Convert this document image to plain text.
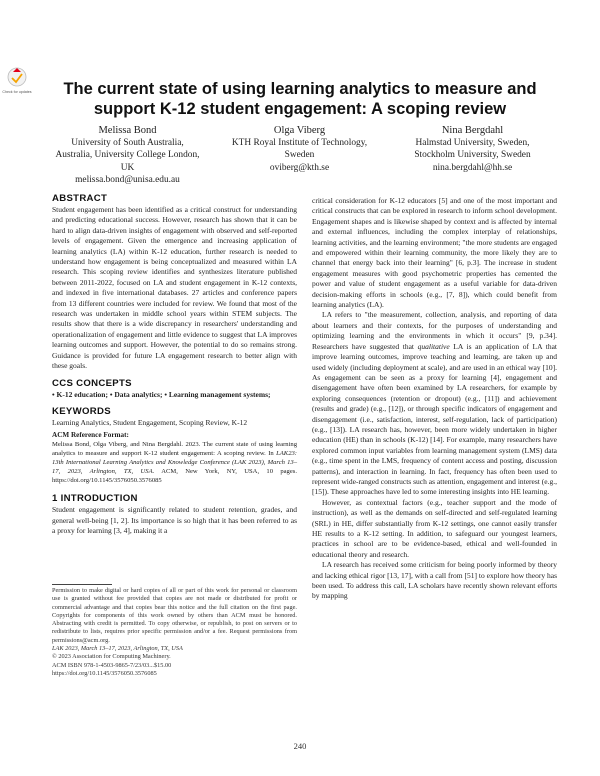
Check for updates The current state of using learning analytics to measure and support K-12 student engagement: A scoping review
Melissa Bond
University of South Australia,
Australia, University College London,
UK
melissa.bond@unisa.edu.au
Olga Viberg
KTH Royal Institute of Technology,
Sweden
oviberg@kth.se
Nina Bergdahl
Halmstad University, Sweden,
Stockholm University, Sweden
nina.bergdahl@hh.se
ABSTRACT

Student engagement has been identified as a critical construct for understanding and predicting educational success. However, research has shown that it can be hard to align data-driven insights of engagement with observed and self-reported levels of engagement. Given the emergence and increasing application of learning analytics (LA) within K-12 education, further research is needed to understand how engagement is being conceptualized and measured within LA research. This scoping review identifies and synthesizes literature published between 2011-2022, focused on LA and student engagement in K-12 contexts, and indexed in five international databases. 27 articles and conference papers from 13 different countries were included for review. We found that most of the research was undertaken in middle school years within STEM subjects. The results show that there is a wide discrepancy in researchers' understanding and operationalization of engagement and little evidence to suggest that LA improves learning outcomes and support. However, the potential to do so remains strong. Guidance is provided for future LA engagement research to better align with these goals.

CCS CONCEPTS

• K-12 education; • Data analytics; • Learning management systems;

KEYWORDS

Learning Analytics, Student Engagement, Scoping Review, K-12

ACM Reference Format:

Melissa Bond, Olga Viberg, and Nina Bergdahl. 2023. The current state of using learning analytics to measure and support K-12 student engagement: A scoping review. In LAK23: 13th International Learning Analytics and Knowledge Conference (LAK 2023), March 13–17, 2023, Arlington, TX, USA. ACM, New York, NY, USA, 10 pages. https://doi.org/10.1145/3576050.3576085

1 INTRODUCTION

Student engagement is significantly related to student retention, grades, and general well-being [1, 2]. Its importance is so high that it has been referred to as a proxy for learning [3, 4], making it a

Permission to make digital or hard copies of all or part of this work for personal or classroom use is granted without fee provided that copies are not made or distributed for profit or commercial advantage and that copies bear this notice and the full citation on the first page. Copyrights for components of this work owned by others than ACM must be honored. Abstracting with credit is permitted. To copy otherwise, or republish, to post on servers or to redistribute to lists, requires prior specific permission and/or a fee. Request permissions from permissions@acm.org.

LAK 2023, March 13–17, 2023, Arlington, TX, USA
© 2023 Association for Computing Machinery.
ACM ISBN 978-1-4503-9865-7/23/03...$15.00
https://doi.org/10.1145/3576050.3576085

critical consideration for K-12 educators [5] and one of the most important and critical constructs that can be explored in research to inform school development. Engagement shapes and is likewise shaped by context and is affected by internal and external influences, including the complex interplay of relationships, learning activities, and the learning environment; "the more students are engaged and empowered within their learning community, the more likely they are to channel that energy back into their learning" [6, p.3]. The increase in student engagement measures with good psychometric properties has cemented the power and value of student engagement as a useful variable for data-driven decision-making efforts in schools (e.g., [7, 8]), which could benefit from learning analytics (LA).

LA refers to "the measurement, collection, analysis, and reporting of data about learners and their contexts, for the purposes of understanding and optimizing learning and the environments in which it occurs" [9, p.34]. Researchers have suggested that qualitative LA is an application of LA that improve learning outcomes, improve teaching and learning, are taken up and used widely (including deployment at scale), and are used in an ethical way [10]. As engagement can be seen as a proxy for learning [4], engagement and disengagement have often been examined by LA researchers, for example by exploring consequences (retention or dropout) (e.g., [11]) and achievement (results and grade) (e.g., [12]), or through specific indicators of engagement and disengagement (i.e., satisfaction, interest, self-regulation, lack of participation) (e.g., [13]). LA research has, however, been more widely undertaken in higher education (HE) than in schools (K-12) [14]. For example, many researchers have explored common input variables from learning management system (LMS) data (e.g., time spent in the LMS, frequency of content access and posting, discussion patterns), and interaction in learning. In fact, frequency has often been used to represent wide-ranged constructs such as attention, engagement and interest (e.g., [15]). These approaches have led to some interesting insights into HE learning.

However, as contextual factors (e.g., teacher support and the mode of instruction), as well as the demands on self-directed and self-regulated learning (SRL) in HE, differ substantially from K-12 settings, one cannot easily transfer HE results to a K-12 setting. In addition, to safeguard our youngest learners, practices in school are to be evidence-based, ethical and well-founded in educational theory and research.

LA research has received some criticism for being poorly informed by theory and lacking ethical rigor [13, 17], with a call from [51] to explore how theory has been used. To address this call, LA scholars have recently shown relevant efforts by mapping

240
